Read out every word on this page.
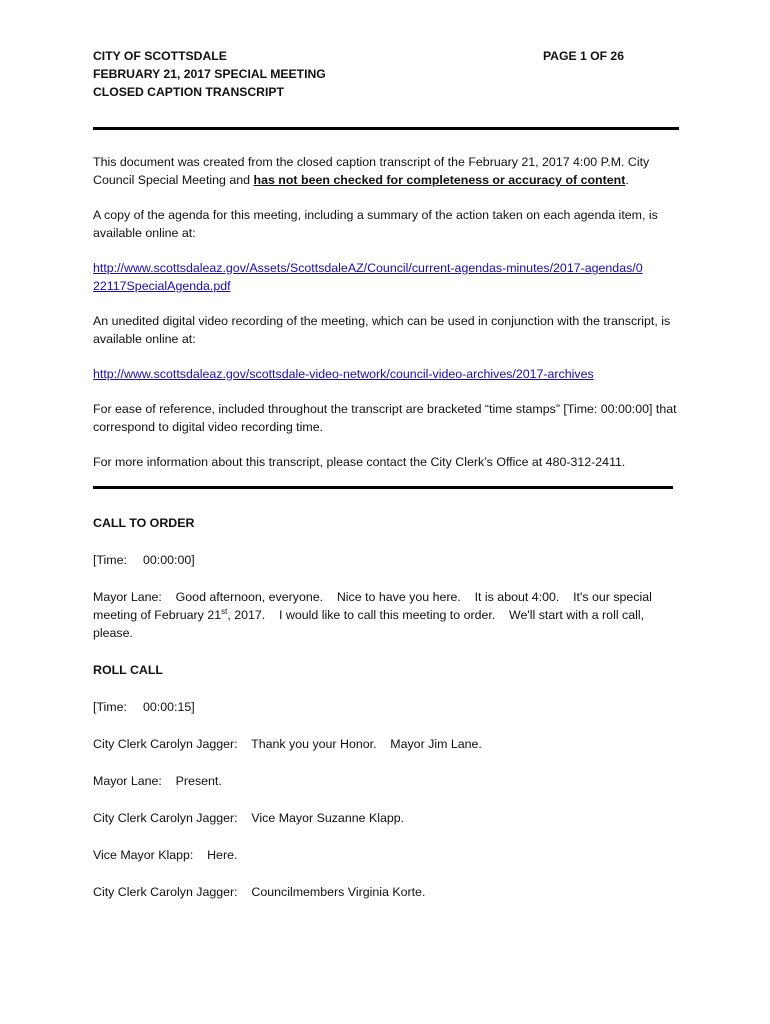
CITY OF SCOTTSDALE
FEBRUARY 21, 2017 SPECIAL MEETING
CLOSED CAPTION TRANSCRIPT
PAGE 1 OF 26

This document was created from the closed caption transcript of the February 21, 2017 4:00 P.M. City Council Special Meeting and has not been checked for completeness or accuracy of content.

A copy of the agenda for this meeting, including a summary of the action taken on each agenda item, is available online at:

http://www.scottsdaleaz.gov/Assets/ScottsdaleAZ/Council/current-agendas-minutes/2017-agendas/0
22117SpecialAgenda.pdf

An unedited digital video recording of the meeting, which can be used in conjunction with the transcript, is available online at:

http://www.scottsdaleaz.gov/scottsdale-video-network/council-video-archives/2017-archives

For ease of reference, included throughout the transcript are bracketed “time stamps” [Time: 00:00:00] that correspond to digital video recording time.

For more information about this transcript, please contact the City Clerk’s Office at 480-312-2411.

CALL TO ORDER

[Time: 00:00:00]

Mayor Lane: Good afternoon, everyone.    Nice to have you here.    It is about 4:00.    It's our special
meeting of February 21st, 2017.    I would like to call this meeting to order.    We'll start with a roll call,
please.

ROLL CALL

[Time: 00:00:15]

City Clerk Carolyn Jagger: Thank you your Honor.    Mayor Jim Lane.

Mayor Lane: Present.

City Clerk Carolyn Jagger: Vice Mayor Suzanne Klapp.

Vice Mayor Klapp: Here.

City Clerk Carolyn Jagger: Councilmembers Virginia Korte.
